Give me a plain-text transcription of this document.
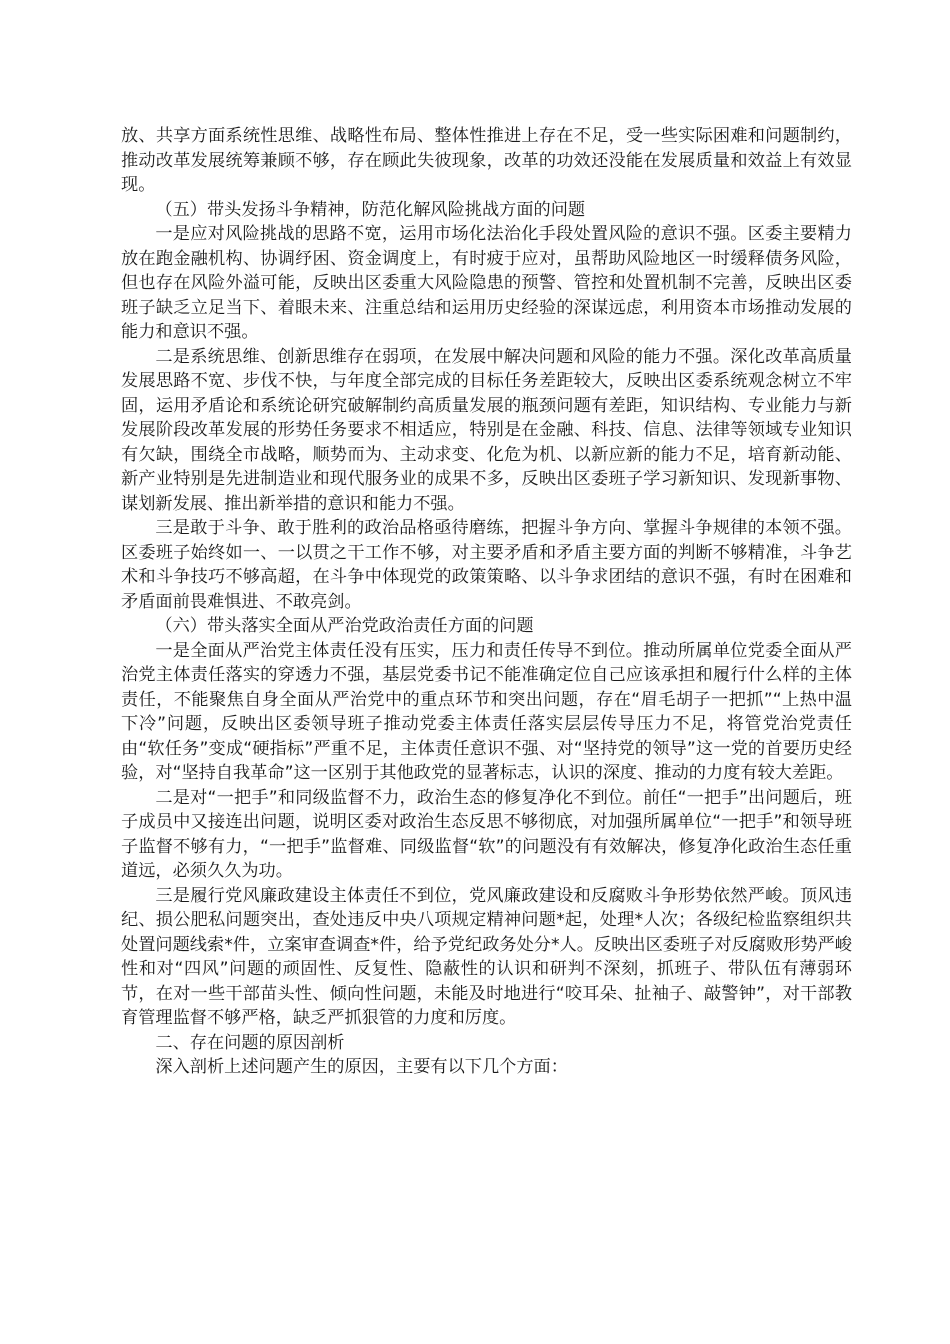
放、共享方面系统性思维、战略性布局、整体性推进上存在不足，受一些实际困难和问题制约，推动改革发展统筹兼顾不够，存在顾此失彼现象，改革的功效还没能在发展质量和效益上有效显现。

（五）带头发扬斗争精神，防范化解风险挑战方面的问题

一是应对风险挑战的思路不宽，运用市场化法治化手段处置风险的意识不强。区委主要精力放在跑金融机构、协调纾困、资金调度上，有时疲于应对，虽帮助风险地区一时缓释债务风险，但也存在风险外溢可能，反映出区委重大风险隐患的预警、管控和处置机制不完善，反映出区委班子缺乏立足当下、着眼未来、注重总结和运用历史经验的深谋远虑，利用资本市场推动发展的能力和意识不强。

二是系统思维、创新思维存在弱项，在发展中解决问题和风险的能力不强。深化改革高质量发展思路不宽、步伐不快，与年度全部完成的目标任务差距较大，反映出区委系统观念树立不牢固，运用矛盾论和系统论研究破解制约高质量发展的瓶颈问题有差距，知识结构、专业能力与新发展阶段改革发展的形势任务要求不相适应，特别是在金融、科技、信息、法律等领域专业知识有欠缺，围绕全市战略，顺势而为、主动求变、化危为机、以新应新的能力不足，培育新动能、新产业特别是先进制造业和现代服务业的成果不多，反映出区委班子学习新知识、发现新事物、谋划新发展、推出新举措的意识和能力不强。

三是敢于斗争、敢于胜利的政治品格亟待磨练，把握斗争方向、掌握斗争规律的本领不强。区委班子始终如一、一以贯之干工作不够，对主要矛盾和矛盾主要方面的判断不够精准，斗争艺术和斗争技巧不够高超，在斗争中体现党的政策策略、以斗争求团结的意识不强，有时在困难和矛盾面前畏难惧进、不敢亮剑。

（六）带头落实全面从严治党政治责任方面的问题

一是全面从严治党主体责任没有压实，压力和责任传导不到位。推动所属单位党委全面从严治党主体责任落实的穿透力不强，基层党委书记不能准确定位自己应该承担和履行什么样的主体责任，不能聚焦自身全面从严治党中的重点环节和突出问题，存在“眉毛胡子一把抓”“上热中温下冷”问题，反映出区委领导班子推动党委主体责任落实层层传导压力不足，将管党治党责任由“软任务”变成“硬指标”严重不足，主体责任意识不强、对“坚持党的领导”这一党的首要历史经验，对“坚持自我革命”这一区别于其他政党的显著标志，认识的深度、推动的力度有较大差距。

二是对“一把手”和同级监督不力，政治生态的修复净化不到位。前任“一把手”出问题后，班子成员中又接连出问题，说明区委对政治生态反思不够彻底，对加强所属单位“一把手”和领导班子监督不够有力，“一把手”监督难、同级监督“软”的问题没有有效解决，修复净化政治生态任重道远，必须久久为功。

三是履行党风廉政建设主体责任不到位，党风廉政建设和反腐败斗争形势依然严峻。顶风违纪、损公肥私问题突出，查处违反中央八项规定精神问题*起，处理*人次；各级纪检监察组织共处置问题线索*件，立案审查调查*件，给予党纪政务处分*人。反映出区委班子对反腐败形势严峻性和对“四风”问题的顽固性、反复性、隐蔽性的认识和研判不深刻，抓班子、带队伍有薄弱环节，在对一些干部苗头性、倾向性问题，未能及时地进行“咬耳朵、扯袖子、敲警钟”，对干部教育管理监督不够严格，缺乏严抓狠管的力度和厉度。

二、存在问题的原因剖析

深入剖析上述问题产生的原因，主要有以下几个方面：
